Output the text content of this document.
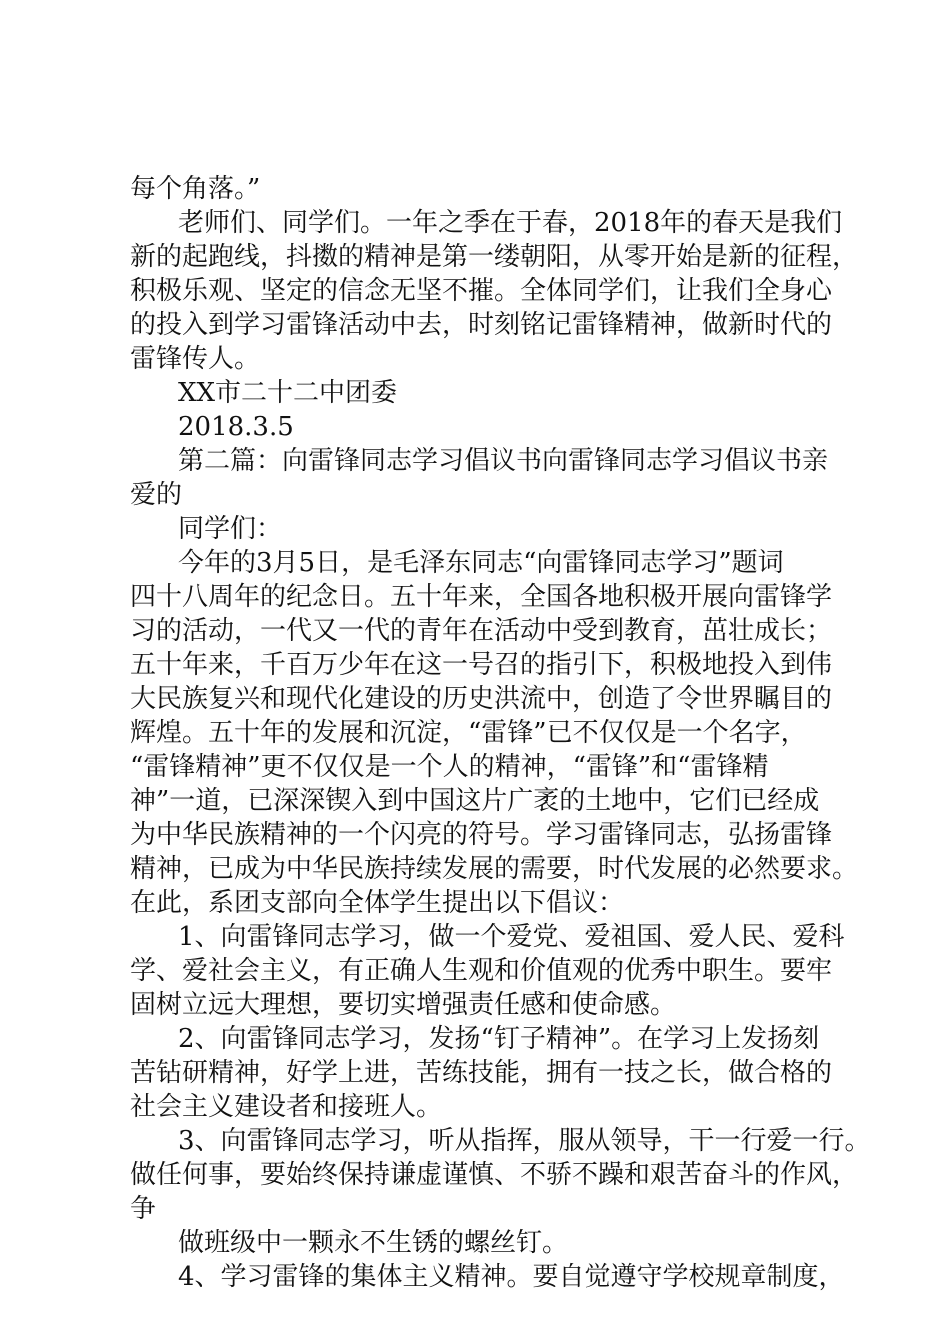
每个角落。”
老师们、同学们。一年之季在于春，2018年的春天是我们
新的起跑线，抖擞的精神是第一缕朝阳，从零开始是新的征程，
积极乐观、坚定的信念无坚不摧。全体同学们，让我们全身心
的投入到学习雷锋活动中去，时刻铭记雷锋精神，做新时代的
雷锋传人。
XX市二十二中团委
2018.3.5
第二篇：向雷锋同志学习倡议书向雷锋同志学习倡议书亲
爱的
同学们：
今年的3月5日，是毛泽东同志“向雷锋同志学习”题词
四十八周年的纪念日。五十年来，全国各地积极开展向雷锋学
习的活动，一代又一代的青年在活动中受到教育，茁壮成长；
五十年来，千百万少年在这一号召的指引下，积极地投入到伟
大民族复兴和现代化建设的历史洪流中，创造了令世界瞩目的
辉煌。五十年的发展和沉淀，“雷锋”已不仅仅是一个名字，
“雷锋精神”更不仅仅是一个人的精神，“雷锋”和“雷锋精
神”一道，已深深锲入到中国这片广袤的土地中，它们已经成
为中华民族精神的一个闪亮的符号。学习雷锋同志，弘扬雷锋
精神，已成为中华民族持续发展的需要，时代发展的必然要求。
在此，系团支部向全体学生提出以下倡议：
1、向雷锋同志学习，做一个爱党、爱祖国、爱人民、爱科
学、爱社会主义，有正确人生观和价值观的优秀中职生。要牢
固树立远大理想，要切实增强责任感和使命感。
2、向雷锋同志学习，发扬“钉子精神”。在学习上发扬刻
苦钻研精神，好学上进，苦练技能，拥有一技之长，做合格的
社会主义建设者和接班人。
3、向雷锋同志学习，听从指挥，服从领导，干一行爱一行。
做任何事，要始终保持谦虚谨慎、不骄不躁和艰苦奋斗的作风，
争
做班级中一颗永不生锈的螺丝钉。
4、学习雷锋的集体主义精神。要自觉遵守学校规章制度，
